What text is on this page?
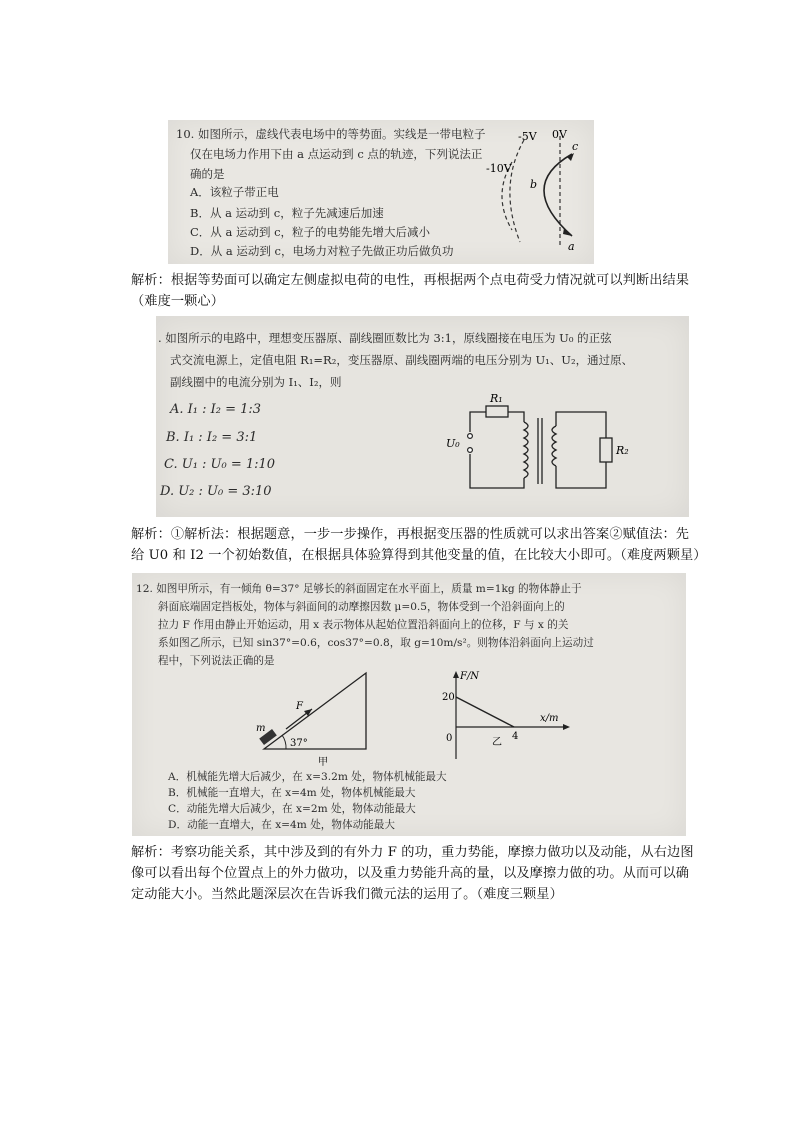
10. 如图所示，虚线代表电场中的等势面。实线是一带电粒子
仅在电场力作用下由 a 点运动到 c 点的轨迹，下列说法正
确的是
A．该粒子带正电
B．从 a 运动到 c，粒子先减速后加速
C．从 a 运动到 c，粒子的电势能先增大后减小
D．从 a 运动到 c，电场力对粒子先做正功后做负功
-5V 0V
-10V
b
c
a
解析：根据等势面可以确定左侧虚拟电荷的电性，再根据两个点电荷受力情况就可以判断出结果
（难度一颗心）
. 如图所示的电路中，理想变压器原、副线圈匝数比为 3:1，原线圈接在电压为 U₀ 的正弦
式交流电源上，定值电阻 R₁=R₂，变压器原、副线圈两端的电压分别为 U₁、U₂，通过原、
副线圈中的电流分别为 I₁、I₂，则
A. I₁ : I₂ = 1:3
B. I₁ : I₂ = 3:1
C. U₁ : U₀ = 1:10
D. U₂ : U₀ = 3:10
R₁
U₀
R₂
解析：①解析法：根据题意，一步一步操作，再根据变压器的性质就可以求出答案②赋值法：先
给 U0 和 I2 一个初始数值，在根据具体验算得到其他变量的值，在比较大小即可。（难度两颗星）
12. 如图甲所示，有一倾角 θ=37° 足够长的斜面固定在水平面上，质量 m=1kg 的物体静止于
斜面底端固定挡板处，物体与斜面间的动摩擦因数 μ=0.5，物体受到一个沿斜面向上的
拉力 F 作用由静止开始运动，用 x 表示物体从起始位置沿斜面向上的位移，F 与 x 的关
系如图乙所示，已知 sin37°=0.6，cos37°=0.8，取 g=10m/s²。则物体沿斜面向上运动过
程中，下列说法正确的是
m
F
37°
甲
F/N
20
x/m
0	乙
4
A．机械能先增大后减少，在 x=3.2m 处，物体机械能最大
B．机械能一直增大，在 x=4m 处，物体机械能最大
C．动能先增大后减少，在 x=2m 处，物体动能最大
D．动能一直增大，在 x=4m 处，物体动能最大
解析：考察功能关系，其中涉及到的有外力 F 的功，重力势能，摩擦力做功以及动能，从右边图
像可以看出每个位置点上的外力做功，以及重力势能升高的量，以及摩擦力做的功。从而可以确
定动能大小。当然此题深层次在告诉我们微元法的运用了。（难度三颗星）
